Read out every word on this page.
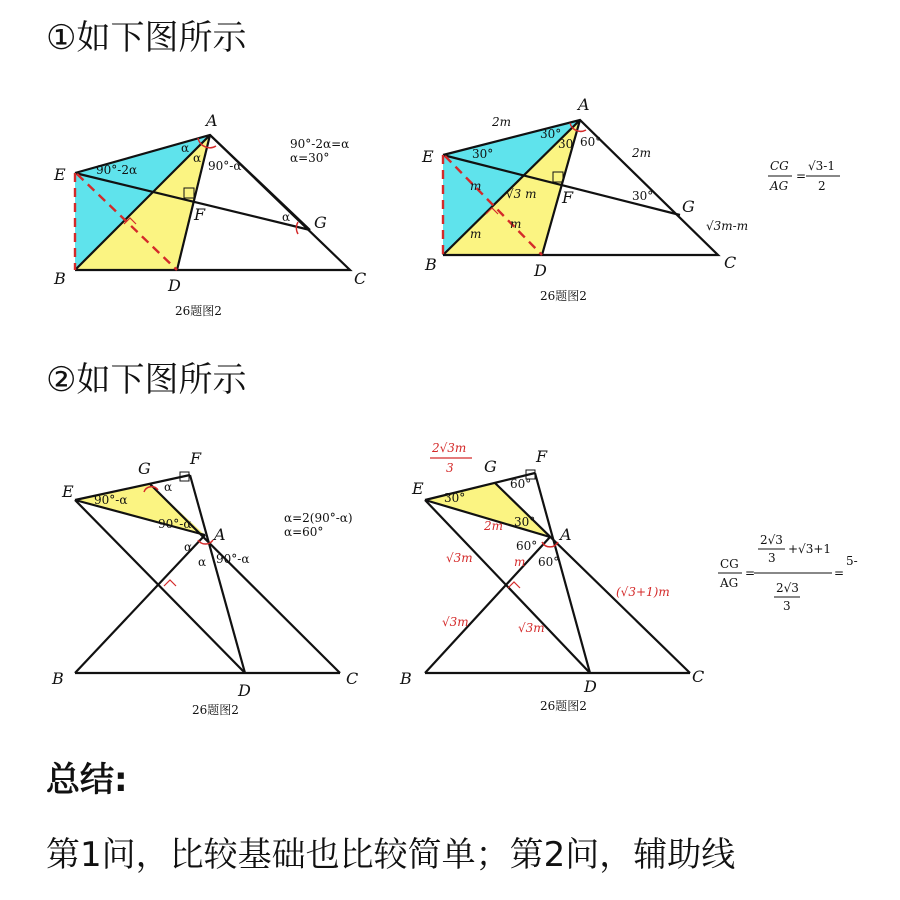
①如下图所示
A
E
B	D	C
F	G
90°-2α
α
α
90°-α
α
90°-2α=α
α=30°
26题图2
A
E
B	D	C
F	G
2m
2m
√3m-m
30°
30°
30 60°
30°
m
m
m
√3 m
26题图2
CG
AG
=
√3-1
2
②如下图所示
A
E
G
F
B
D
C
90°-α
α
90°-α
α
α 90°-α
α=2(90°-α)
α=60°
26题图2
A
E
G
F
B	D
C
2√3m
3
60°
30°
30°
2m
60°
60°
m
(√3+1)m
√3m
√3m	√3m
26题图2
CG
AG
=
2√3
3
+√3+1
2√3
3
=
5-
总结:
第1问，比较基础也比较简单；第2问，辅助线
